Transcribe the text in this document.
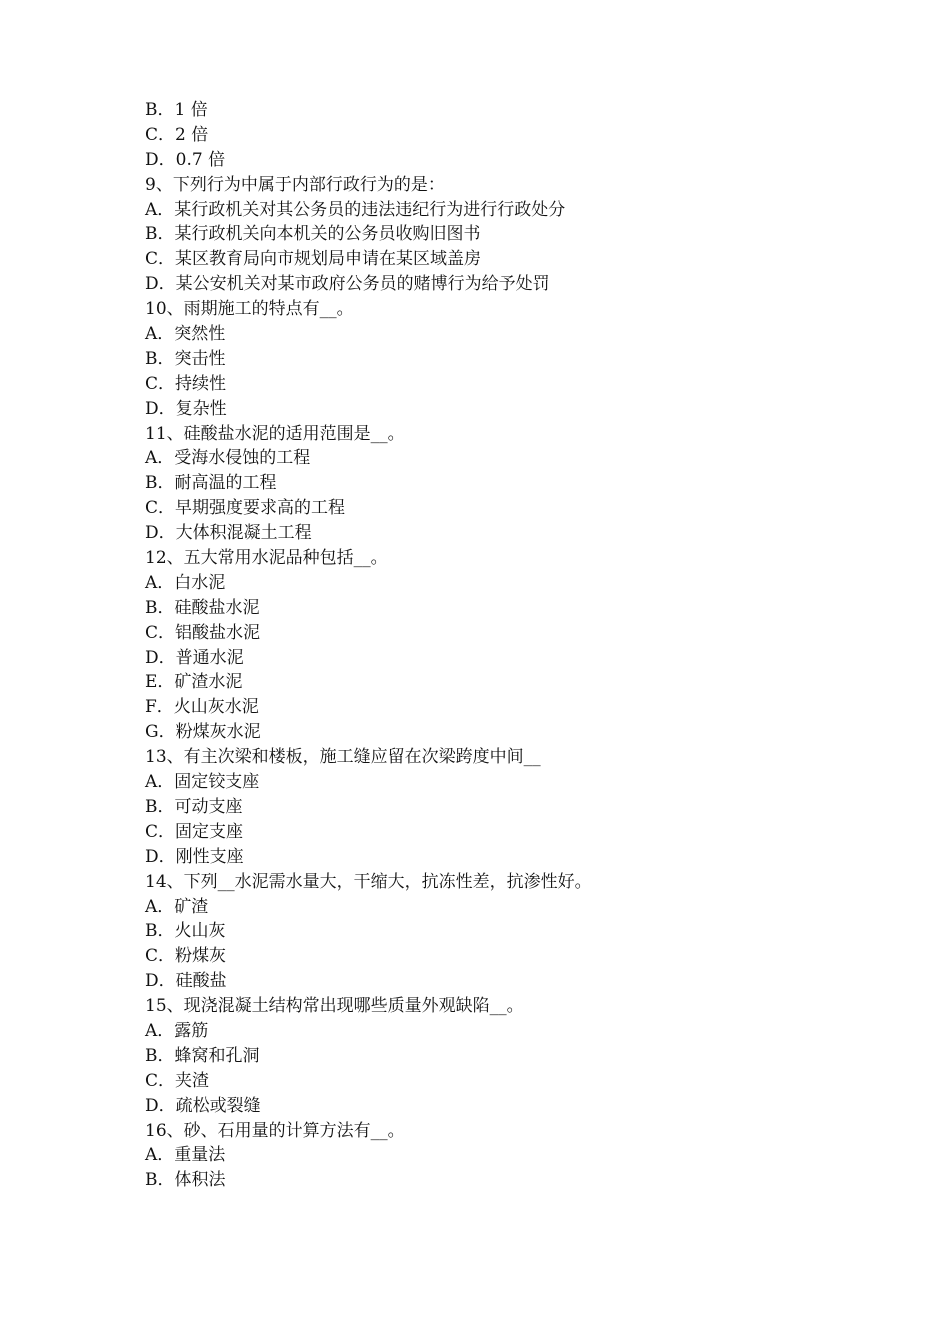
B．1 倍
C．2 倍
D．0.7 倍
9、下列行为中属于内部行政行为的是：
A．某行政机关对其公务员的违法违纪行为进行行政处分
B．某行政机关向本机关的公务员收购旧图书
C．某区教育局向市规划局申请在某区域盖房
D．某公安机关对某市政府公务员的赌博行为给予处罚
10、雨期施工的特点有__。
A．突然性
B．突击性
C．持续性
D．复杂性
11、硅酸盐水泥的适用范围是__。
A．受海水侵蚀的工程
B．耐高温的工程
C．早期强度要求高的工程
D．大体积混凝土工程
12、五大常用水泥品种包括__。
A．白水泥
B．硅酸盐水泥
C．铝酸盐水泥
D．普通水泥
E．矿渣水泥
F．火山灰水泥
G．粉煤灰水泥
13、有主次梁和楼板，施工缝应留在次梁跨度中间__
A．固定铰支座
B．可动支座
C．固定支座
D．刚性支座
14、下列__水泥需水量大，干缩大，抗冻性差，抗渗性好。
A．矿渣
B．火山灰
C．粉煤灰
D．硅酸盐
15、现浇混凝土结构常出现哪些质量外观缺陷__。
A．露筋
B．蜂窝和孔洞
C．夹渣
D．疏松或裂缝
16、砂、石用量的计算方法有__。
A．重量法
B．体积法
